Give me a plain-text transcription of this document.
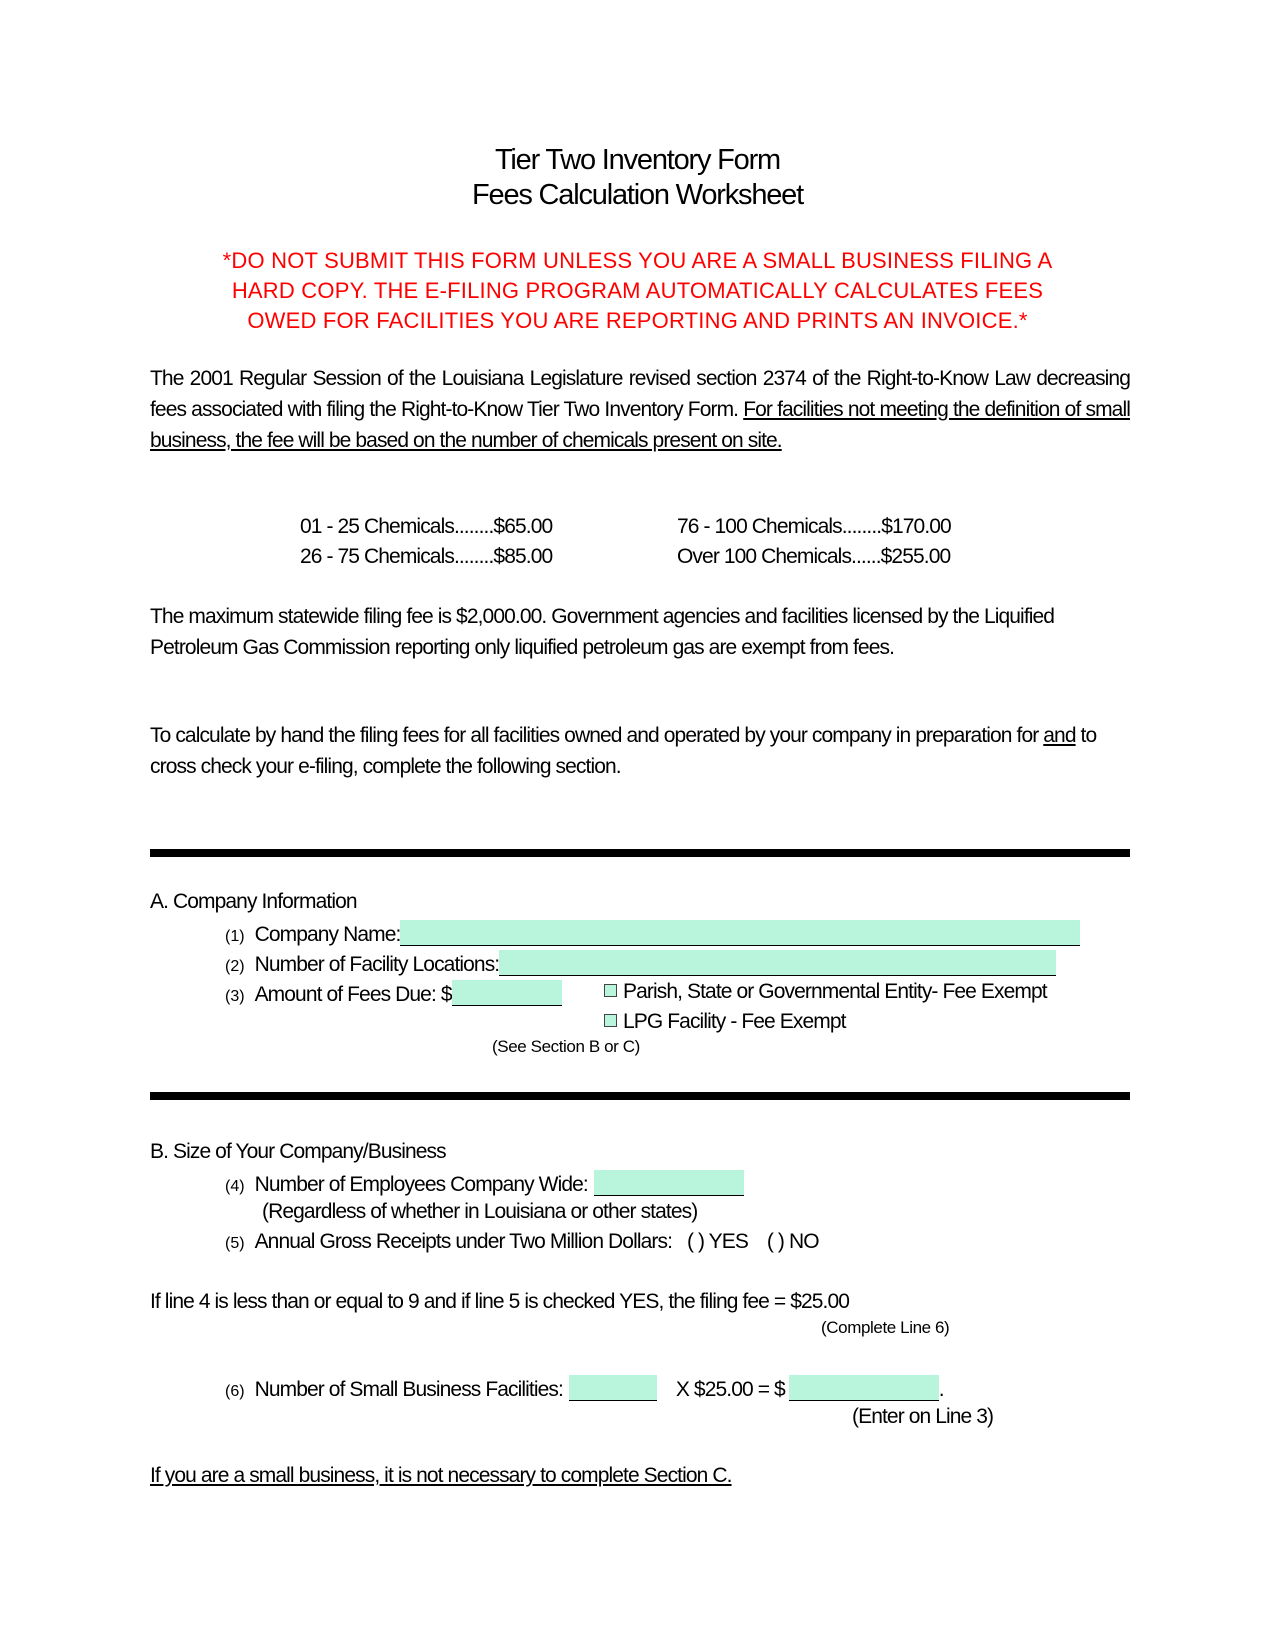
Tier Two Inventory Form
Fees Calculation Worksheet
*DO NOT SUBMIT THIS FORM UNLESS YOU ARE A SMALL BUSINESS FILING A
HARD COPY. THE E-FILING PROGRAM AUTOMATICALLY CALCULATES FEES
OWED FOR FACILITIES YOU ARE REPORTING AND PRINTS AN INVOICE.*
The 2001 Regular Session of the Louisiana Legislature revised section 2374 of the Right-to-Know Law decreasing fees associated with filing the Right-to-Know Tier Two Inventory Form. For facilities not meeting the definition of small business, the fee will be based on the number of chemicals present on site.
01 - 25 Chemicals........$65.00	76 - 100 Chemicals........$170.00
26 - 75 Chemicals........$85.00	Over 100 Chemicals......$255.00
The maximum statewide filing fee is $2,000.00. Government agencies and facilities licensed by the Liquified Petroleum Gas Commission reporting only liquified petroleum gas are exempt from fees.
To calculate by hand the filing fees for all facilities owned and operated by your company in preparation for and to cross check your e-filing, complete the following section.
A. Company Information
(1) Company Name:
(2) Number of Facility Locations:
(3) Amount of Fees Due: $	Parish, State or Governmental Entity- Fee Exempt
LPG Facility - Fee Exempt
(See Section B or C)
B. Size of Your Company/Business
(4) Number of Employees Company Wide:
(Regardless of whether in Louisiana or other states)
(5) Annual Gross Receipts under Two Million Dollars: ( ) YES ( ) NO
If line 4 is less than or equal to 9 and if line 5 is checked YES, the filing fee = $25.00
(Complete Line 6)
(6) Number of Small Business Facilities:	X $25.00 = $	.
(Enter on Line 3)
If you are a small business, it is not necessary to complete Section C.
